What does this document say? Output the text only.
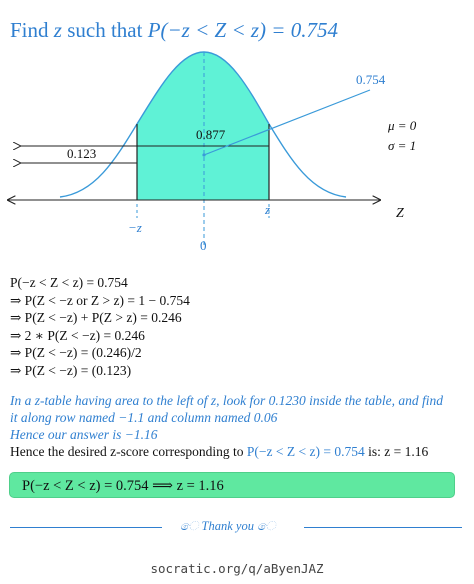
Find z such that P(−z < Z < z) = 0.754
0.754
0.877
0.123
μ = 0
σ = 1
−z
0
z	Z
P(−z < Z < z) = 0.754
⇒ P(Z < −z or Z > z) = 1 − 0.754
⇒ P(Z < −z) + P(Z > z) = 0.246
⇒ 2 ∗ P(Z < −z) = 0.246
⇒ P(Z < −z) = (0.246)/2
⇒ P(Z < −z) = (0.123)
In a z-table having area to the left of z, look for 0.1230 inside the table, and find
it along row named −1.1 and column named 0.06
Hence our answer is −1.16
Hence the desired z-score corresponding to P(−z < Z < z) = 0.754 is: z = 1.16
P(−z < Z < z) = 0.754 ⟹ z = 1.16
ෙ Thank you ෙ
socratic.org/q/aByenJAZ
